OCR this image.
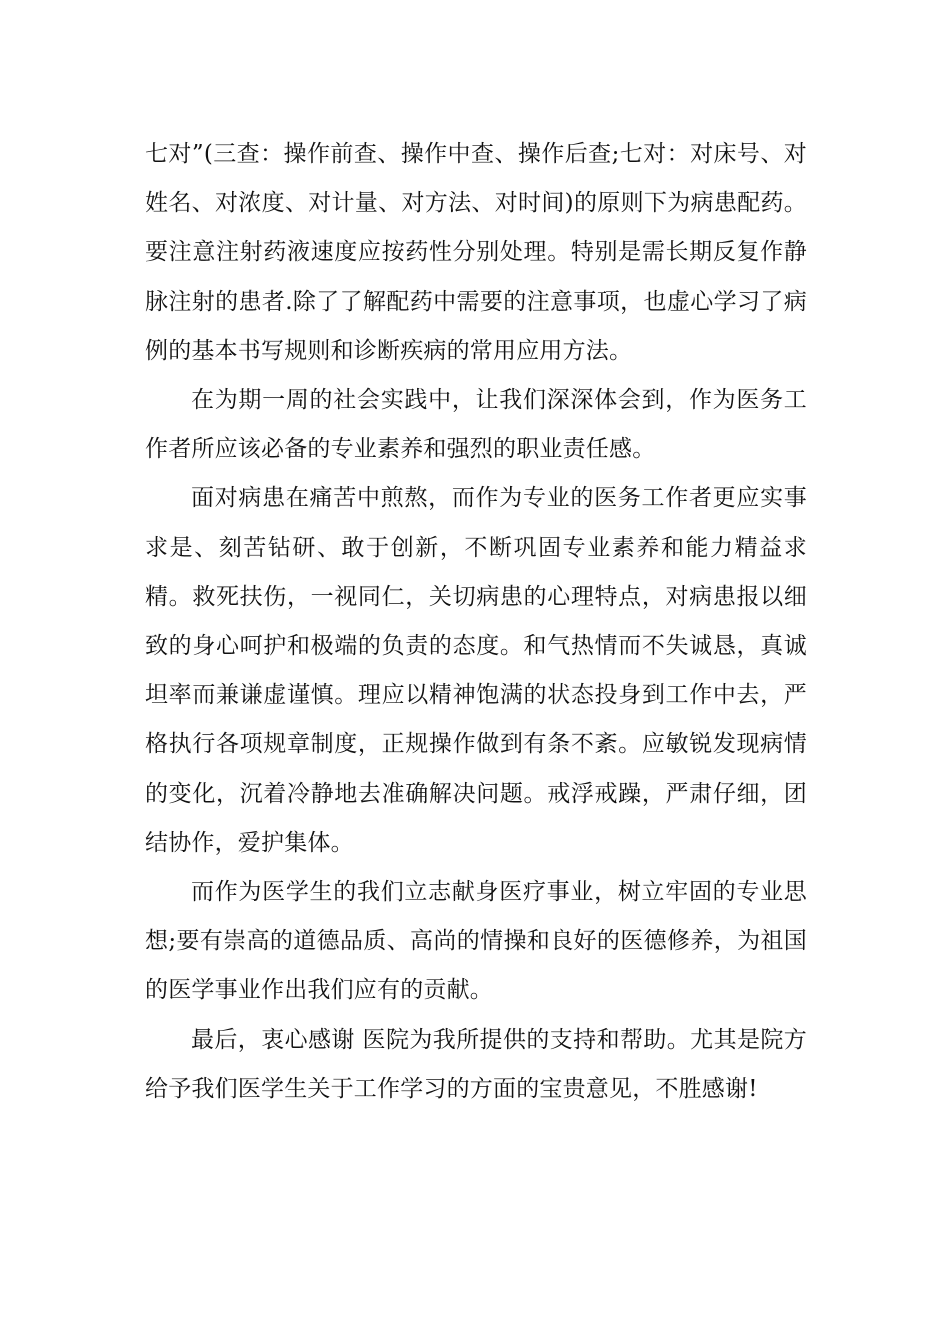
七对”(三查：操作前查、操作中查、操作后查;七对：对床号、对姓名、对浓度、对计量、对方法、对时间)的原则下为病患配药。要注意注射药液速度应按药性分别处理。特别是需长期反复作静脉注射的患者.除了了解配药中需要的注意事项，也虚心学习了病例的基本书写规则和诊断疾病的常用应用方法。

在为期一周的社会实践中，让我们深深体会到，作为医务工作者所应该必备的专业素养和强烈的职业责任感。

面对病患在痛苦中煎熬，而作为专业的医务工作者更应实事求是、刻苦钻研、敢于创新，不断巩固专业素养和能力精益求精。救死扶伤，一视同仁，关切病患的心理特点，对病患报以细致的身心呵护和极端的负责的态度。和气热情而不失诚恳，真诚坦率而兼谦虚谨慎。理应以精神饱满的状态投身到工作中去，严格执行各项规章制度，正规操作做到有条不紊。应敏锐发现病情的变化，沉着冷静地去准确解决问题。戒浮戒躁，严肃仔细，团结协作，爱护集体。

而作为医学生的我们立志献身医疗事业，树立牢固的专业思想;要有崇高的道德品质、高尚的情操和良好的医德修养，为祖国的医学事业作出我们应有的贡献。

最后，衷心感谢 医院为我所提供的支持和帮助。尤其是院方给予我们医学生关于工作学习的方面的宝贵意见，不胜感谢!
